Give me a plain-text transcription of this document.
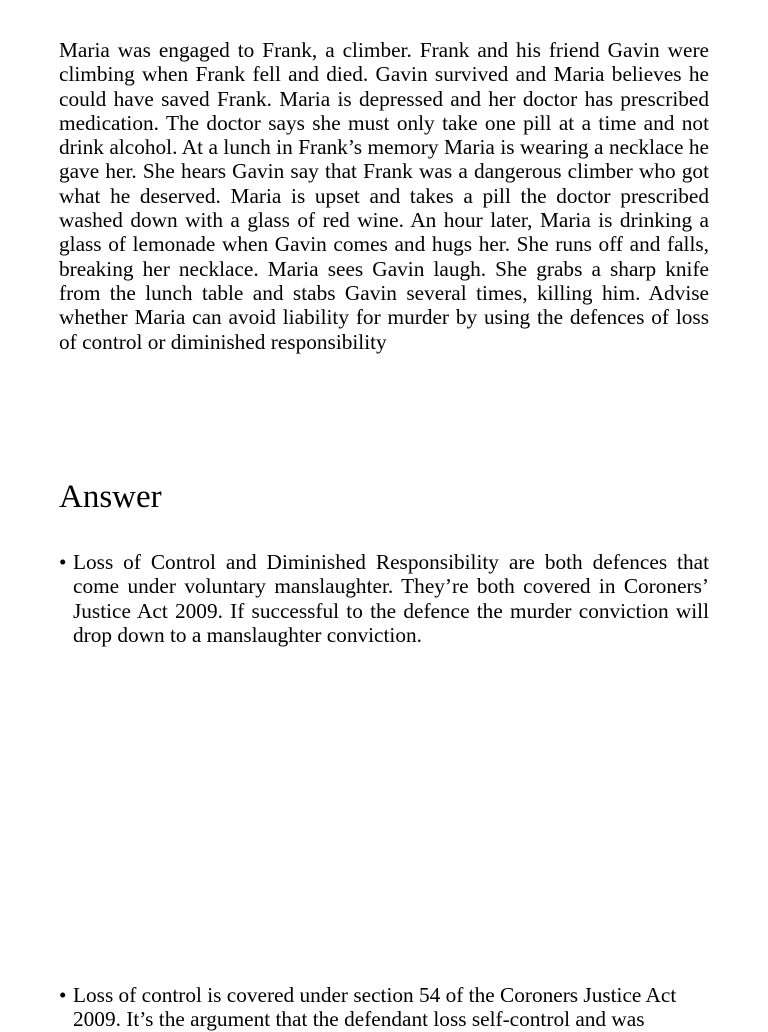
Maria was engaged to Frank, a climber. Frank and his friend Gavin were climbing when Frank fell and died. Gavin survived and Maria believes he could have saved Frank. Maria is depressed and her doctor has prescribed medication. The doctor says she must only take one pill at a time and not drink alcohol. At a lunch in Frank’s memory Maria is wearing a necklace he gave her. She hears Gavin say that Frank was a dangerous climber who got what he deserved. Maria is upset and takes a pill the doctor prescribed washed down with a glass of red wine. An hour later, Maria is drinking a glass of lemonade when Gavin comes and hugs her. She runs off and falls, breaking her necklace. Maria sees Gavin laugh. She grabs a sharp knife from the lunch table and stabs Gavin several times, killing him. Advise whether Maria can avoid liability for murder by using the defences of loss of control or diminished responsibility

Answer
• Loss of Control and Diminished Responsibility are both defences that come under voluntary manslaughter. They’re both covered in Coroners’ Justice Act 2009. If successful to the defence the murder conviction will drop down to a manslaughter conviction.
• Loss of control is covered under section 54 of the Coroners Justice Act 2009. It’s the argument that the defendant loss self-control and was
